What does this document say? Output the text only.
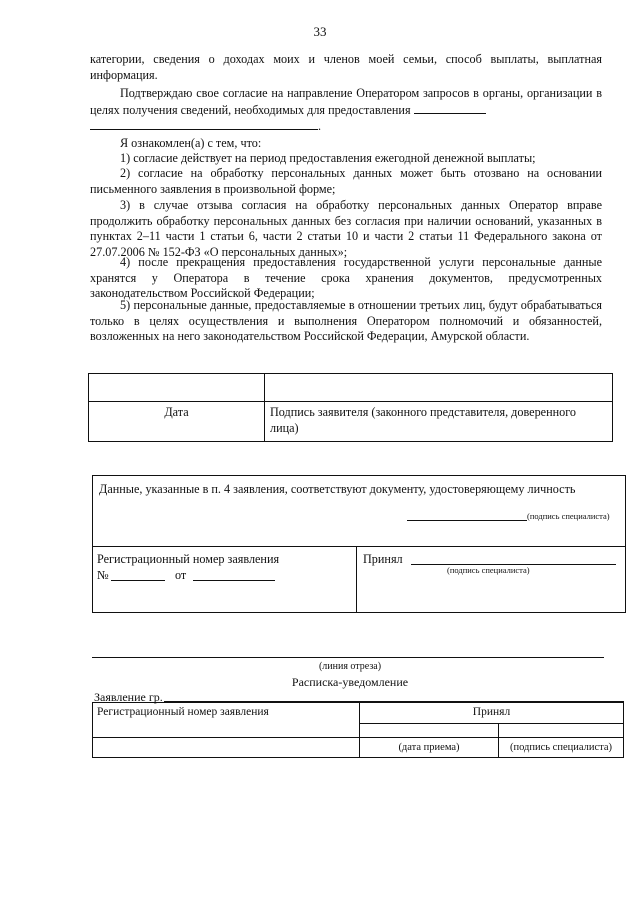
33

категории, сведения о доходах моих и членов моей семьи, способ выплаты, выплатная информация.

Подтверждаю свое согласие на направление Оператором запросов в органы, организации в целях получения сведений, необходимых для предоставления
.

Я ознакомлен(а) с тем, что:

1) согласие действует на период предоставления ежегодной денежной выплаты;

2) согласие на обработку персональных данных может быть отозвано на основании письменного заявления в произвольной форме;

3) в случае отзыва согласия на обработку персональных данных Оператор вправе продолжить обработку персональных данных без согласия при наличии оснований, указанных в пунктах 2–11 части 1 статьи 6, части 2 статьи 10 и части 2 статьи 11 Федерального закона от 27.07.2006 № 152-ФЗ «О персональных данных»;

4) после прекращения предоставления государственной услуги персональные данные хранятся у Оператора в течение срока хранения документов, предусмотренных законодательством Российской Федерации;

5) персональные данные, предоставляемые в отношении третьих лиц, будут обрабатываться только в целях осуществления и выполнения Оператором полномочий и обязанностей, возложенных на него законодательством Российской Федерации, Амурской области.

Дата	Подпись заявителя (законного представителя, доверенного лица)
Данные, указанные в п. 4 заявления, соответствуют документу, удостоверяющему личность
(подпись специалиста)
Регистрационный номер заявления
№	от
Принял
(подпись специалиста)
(линия отреза)
Расписка-уведомление
Заявление гр.
Регистрационный номер заявления	Принял	

	(дата приема)	(подпись специалиста)
